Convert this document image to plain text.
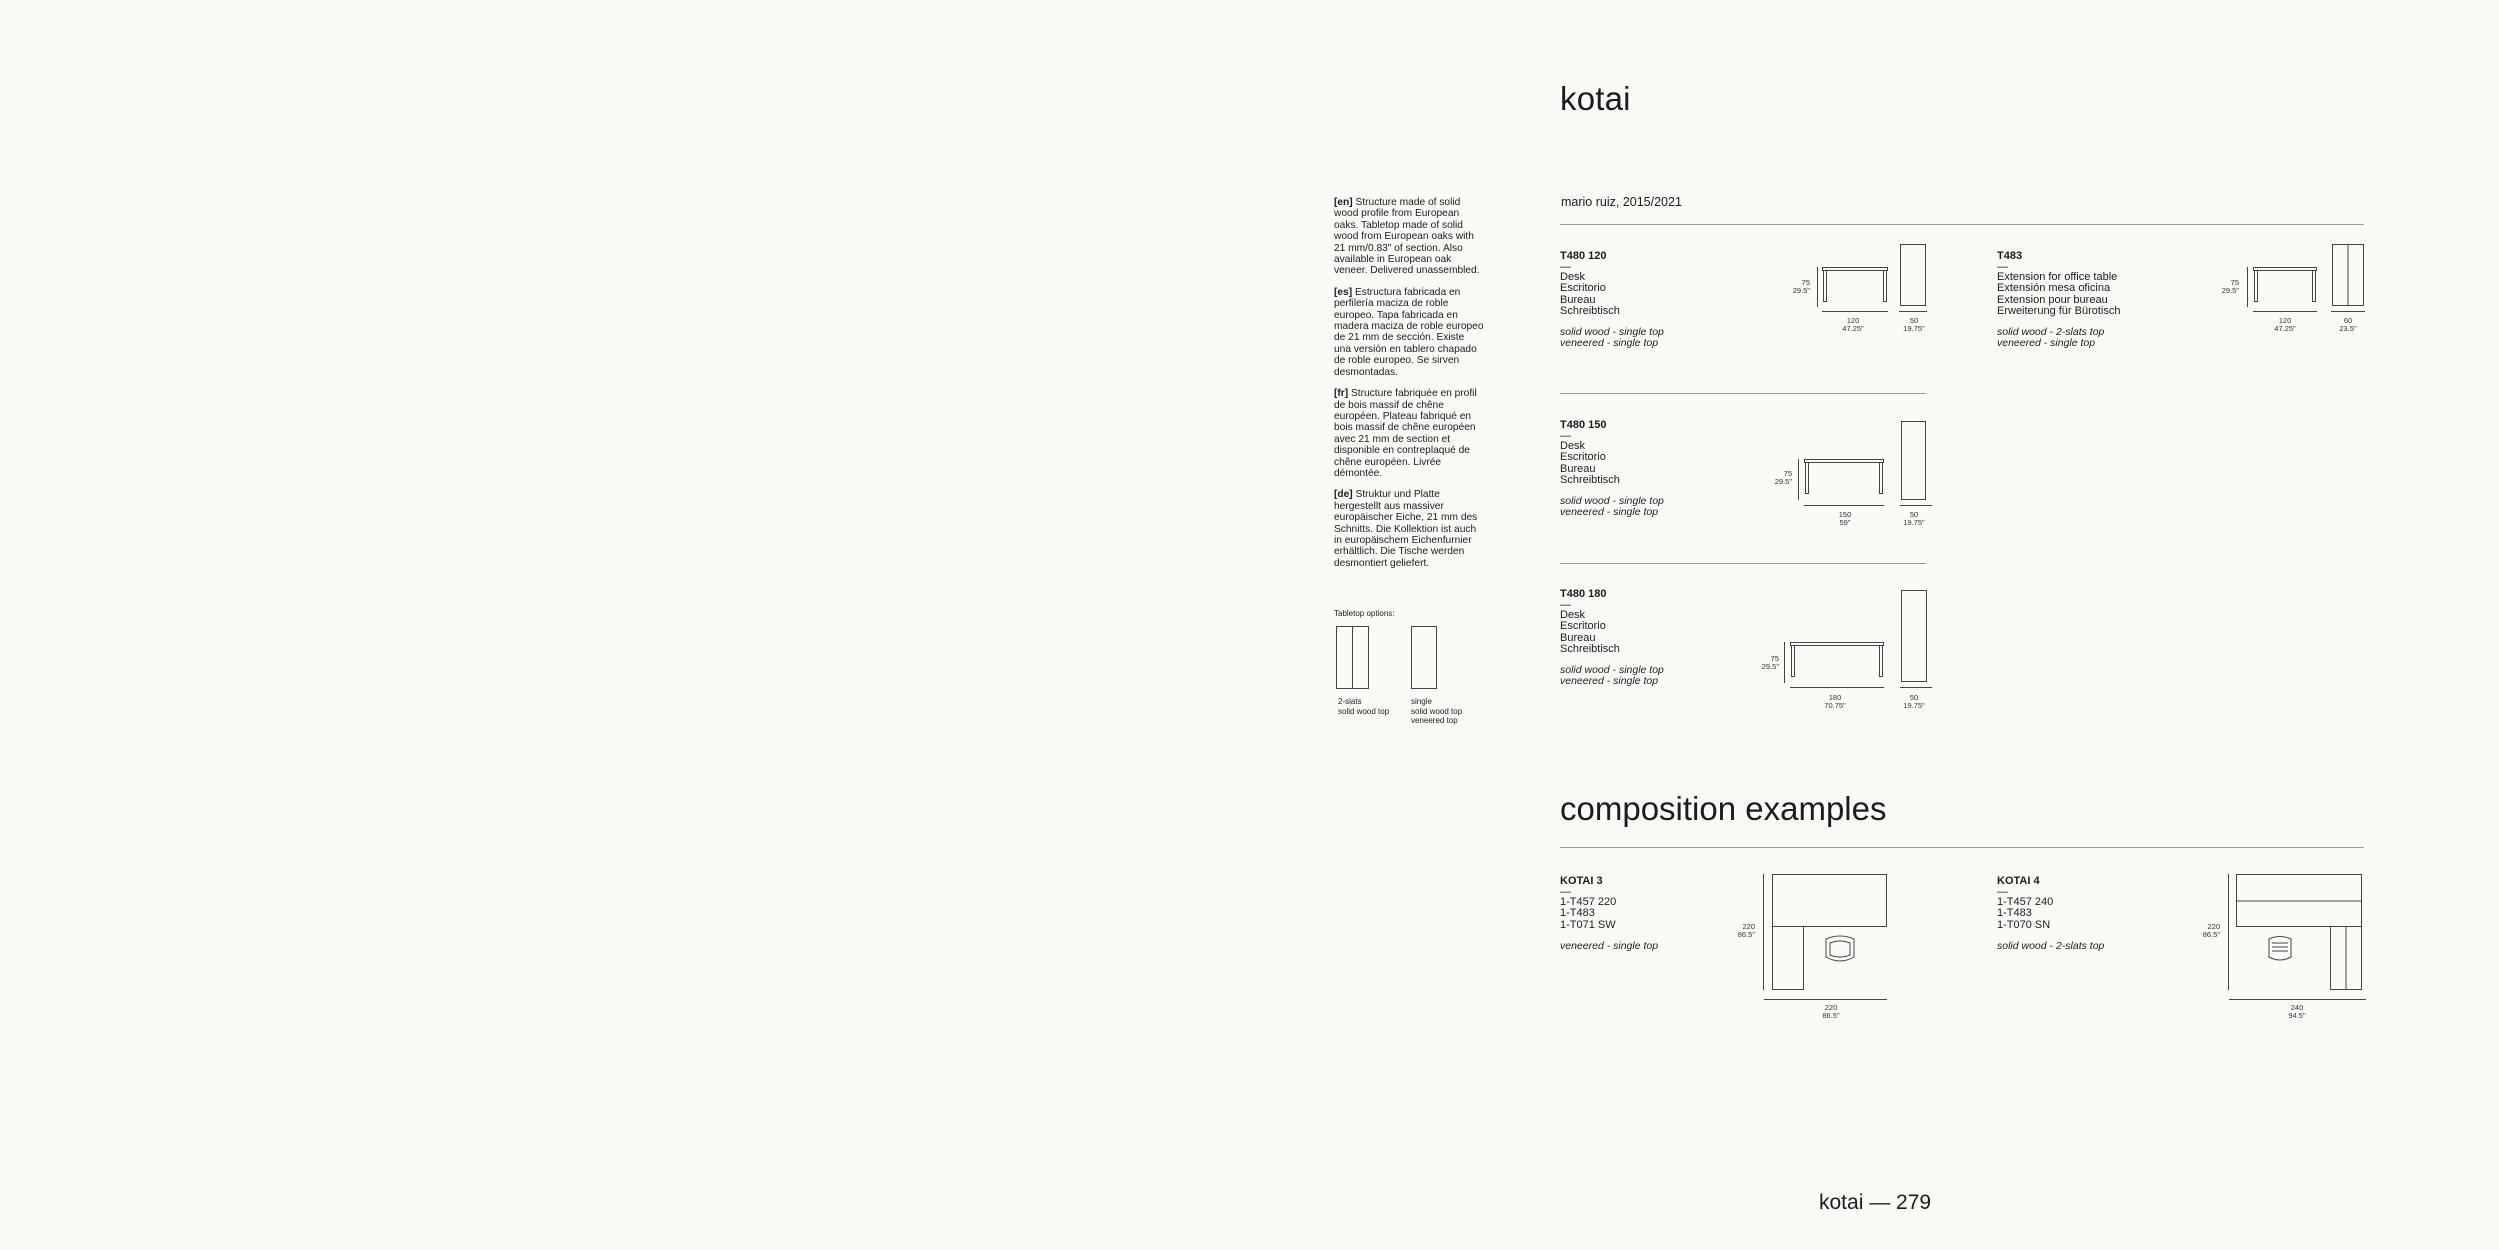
kotai
mario ruiz, 2015/2021

[en] Structure made of solid wood profile from European oaks. Tabletop made of solid wood from European oaks with 21 mm/0.83" of section. Also available in European oak veneer. Delivered unassembled.

[es] Estructura fabricada en perfilería maciza de roble europeo. Tapa fabricada en madera maciza de roble europeo de 21 mm de sección. Existe una versión en tablero chapado de roble europeo. Se sirven desmontadas.

[fr] Structure fabriquée en profil de bois massif de chêne européen. Plateau fabriqué en bois massif de chêne européen avec 21 mm de section et disponible en contreplaqué de chêne européen. Livrée démontée.

[de] Struktur und Platte hergestellt aus massiver europäischer Eiche, 21 mm des Schnitts. Die Kollektion ist auch in europäischem Eichenfurnier erhältlich. Die Tische werden desmontiert geliefert.

Tabletop options:
2-slats
solid wood top
single
solid wood top
veneered top
T480 120
—
Desk
Escritorio
Bureau
Schreibtisch
solid wood - single top
veneered - single top
75
29.5"
120
47.25"
50
19.75"
T483
—
Extension for office table
Extensión mesa oficina
Extension pour bureau
Erweiterung für Bürotisch
solid wood - 2-slats top
veneered - single top
75
29.5"
120
47.25"
60
23.5"
T480 150
—
Desk
Escritorio
Bureau
Schreibtisch
solid wood - single top
veneered - single top
75
29.5"
150
59"
50
19.75"
T480 180
—
Desk
Escritorio
Bureau
Schreibtisch
solid wood - single top
veneered - single top
75
29.5"
180
70.75"
50
19.75"
composition examples
KOTAI 3
—
1-T457 220
1-T483
1-T071 SW
veneered - single top
220
86.5"
220
86.5"
KOTAI 4
—
1-T457 240
1-T483
1-T070 SN
solid wood - 2-slats top
220
86.5"
240
94.5"
kotai — 279
